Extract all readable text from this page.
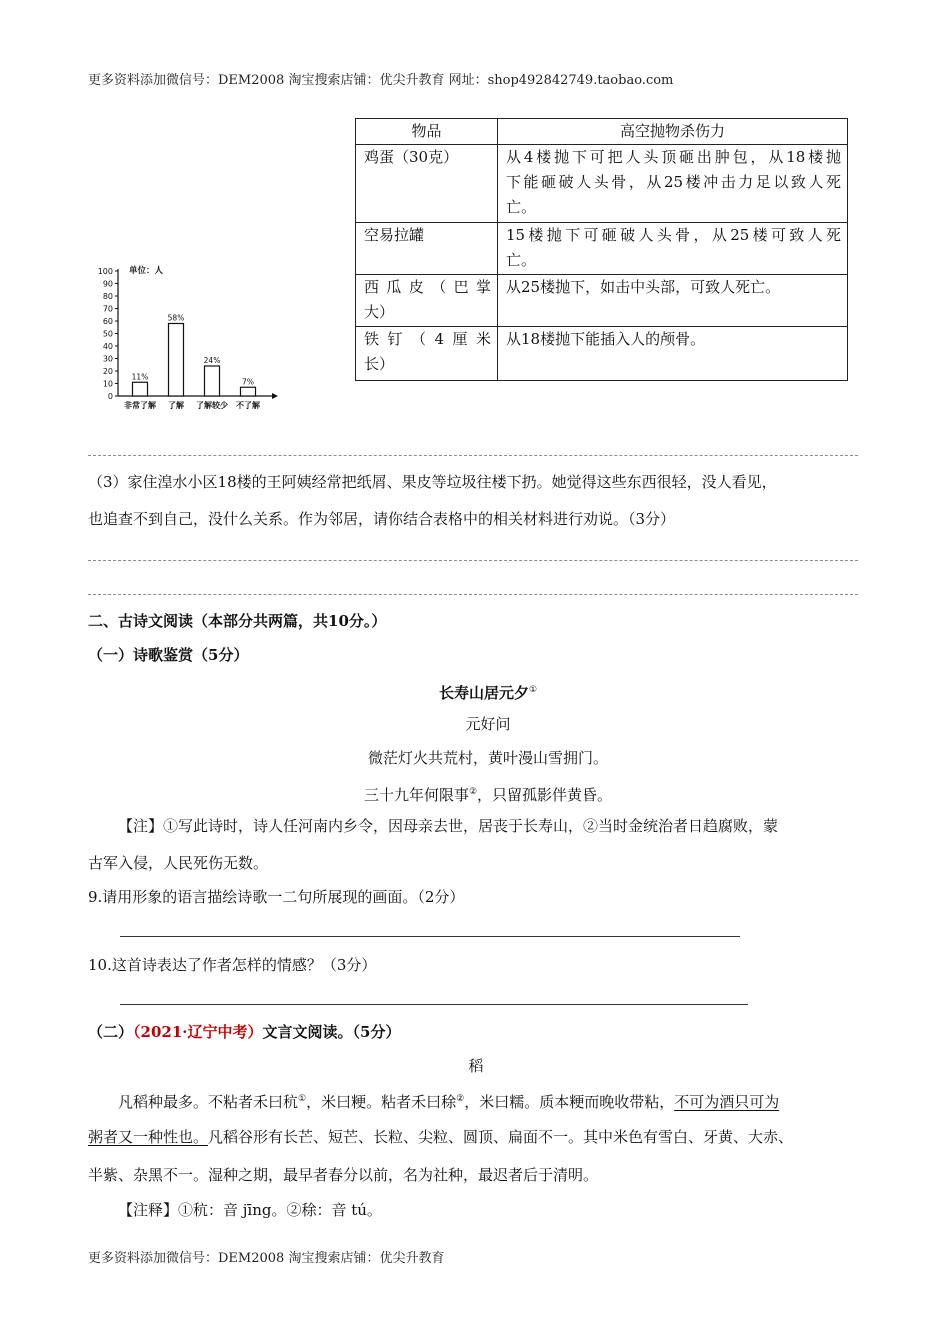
更多资料添加微信号：DEM2008 淘宝搜索店铺：优尖升教育 网址：shop492842749.taobao.com
0
10
20
30
40
50
60
70
80
90
100 单位：人
11%
非常了解
58%
了解
24%
了解较少
7%
不了解
物品	高空抛物杀伤力
鸡蛋（30克）	从4楼抛下可把人头顶砸出肿包，从18楼抛
下能砸破人头骨，从25楼冲击力足以致人死
亡。

空易拉罐	15楼抛下可砸破人头骨，从25楼可致人死
亡。

西瓜皮（巴掌
大）	从25楼抛下，如击中头部，可致人死亡。

铁钉（4厘米
长）	从18楼抛下能插入人的颅骨。
（3）家住湟水小区18楼的王阿姨经常把纸屑、果皮等垃圾往楼下扔。她觉得这些东西很轻，没人看见，
也追查不到自己，没什么关系。作为邻居，请你结合表格中的相关材料进行劝说。（3分）
二、古诗文阅读（本部分共两篇，共10分。）
（一）诗歌鉴赏（5分）
长寿山居元夕①
元好问
微茫灯火共荒村，黄叶漫山雪拥门。
三十九年何限事②，只留孤影伴黄昏。
【注】①写此诗时，诗人任河南内乡令，因母亲去世，居丧于长寿山，②当时金统治者日趋腐败，蒙
古军入侵，人民死伤无数。
9.请用形象的语言描绘诗歌一二句所展现的画面。（2分）
10.这首诗表达了作者怎样的情感？（3分）
（二）（2021·辽宁中考）文言文阅读。（5分）
稻
凡稻种最多。不粘者禾曰秔①，米曰粳。粘者禾曰稌②，米曰糯。质本粳而晚收带粘，不可为酒只可为
粥者又一种性也。凡稻谷形有长芒、短芒、长粒、尖粒、圆顶、扁面不一。其中米色有雪白、牙黄、大赤、
半紫、杂黑不一。湿种之期，最早者春分以前，名为社种，最迟者后于清明。
【注释】①秔：音 jīng。②稌：音 tú。
更多资料添加微信号：DEM2008 淘宝搜索店铺：优尖升教育
